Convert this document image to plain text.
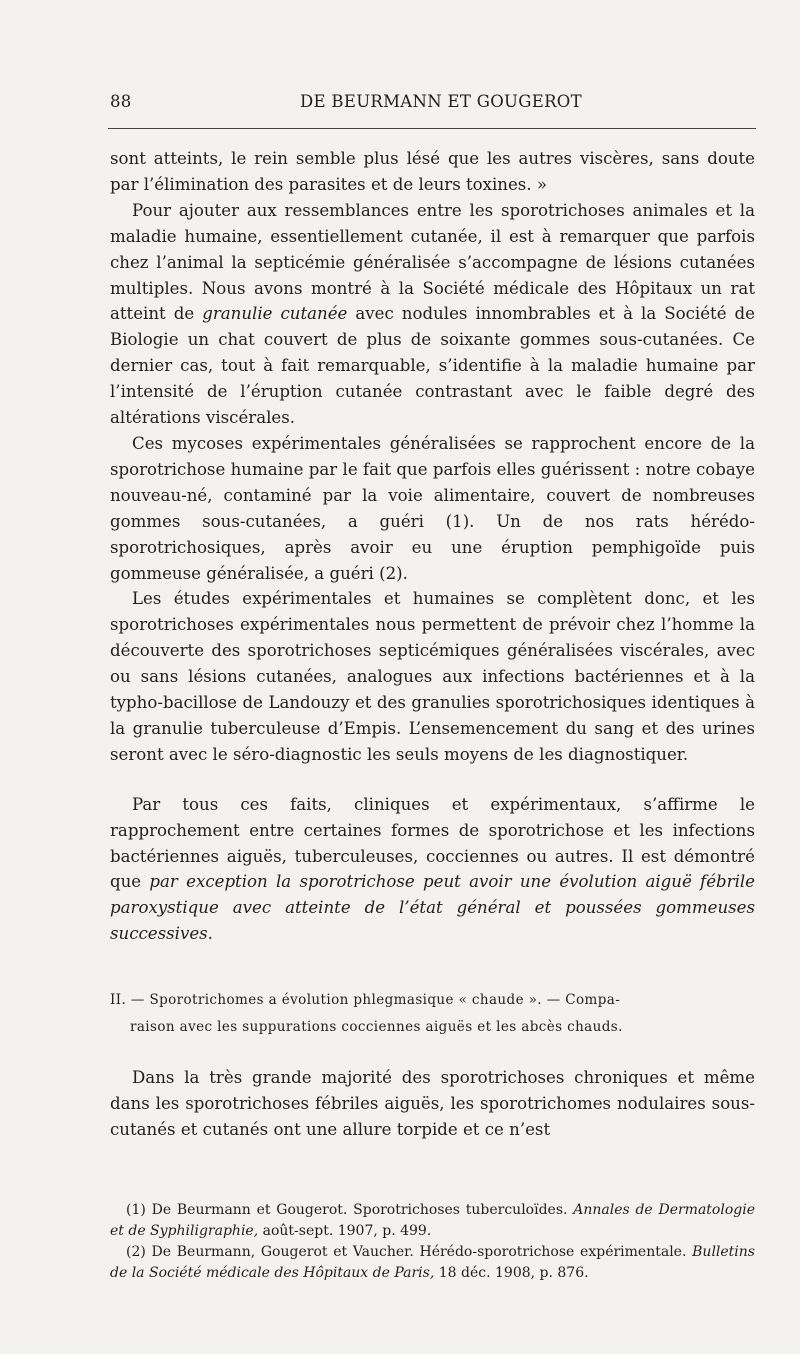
88	DE BEURMANN ET GOUGEROT

sont atteints, le rein semble plus lésé que les autres viscères, sans doute par l’élimination des parasites et de leurs toxines. »

Pour ajouter aux ressemblances entre les sporotrichoses animales et la maladie humaine, essentiellement cutanée, il est à remarquer que parfois chez l’animal la septicémie généralisée s’accompagne de lésions cutanées multiples. Nous avons montré à la Société médicale des Hôpitaux un rat atteint de granulie cutanée avec nodules innombrables et à la Société de Biologie un chat couvert de plus de soixante gommes sous-cutanées. Ce dernier cas, tout à fait remarquable, s’identifie à la maladie humaine par l’intensité de l’éruption cutanée contrastant avec le faible degré des altérations viscérales.

Ces mycoses expérimentales généralisées se rapprochent encore de la sporotrichose humaine par le fait que parfois elles guérissent : notre cobaye nouveau-né, contaminé par la voie alimentaire, couvert de nombreuses gommes sous-cutanées, a guéri (1). Un de nos rats hérédo-sporotrichosiques, après avoir eu une éruption pemphigoïde puis gommeuse généralisée, a guéri (2).

Les études expérimentales et humaines se complètent donc, et les sporotrichoses expérimentales nous permettent de prévoir chez l’homme la découverte des sporotrichoses septicémiques généralisées viscérales, avec ou sans lésions cutanées, analogues aux infections bactériennes et à la typho-bacillose de Landouzy et des granulies sporotrichosiques identiques à la granulie tuberculeuse d’Empis. L’ensemencement du sang et des urines seront avec le séro-diagnostic les seuls moyens de les diagnostiquer.

Par tous ces faits, cliniques et expérimentaux, s’affirme le rapprochement entre certaines formes de sporotrichose et les infections bactériennes aiguës, tuberculeuses, cocciennes ou autres. Il est démontré que par exception la sporotrichose peut avoir une évolution aiguë fébrile paroxystique avec atteinte de l’état général et poussées gommeuses successives.

II. — Sporotrichomes a évolution phlegmasique « chaude ». — Compa-
raison avec les suppurations cocciennes aiguës et les abcès chauds.

Dans la très grande majorité des sporotrichoses chroniques et même dans les sporotrichoses fébriles aiguës, les sporotrichomes nodulaires sous-cutanés et cutanés ont une allure torpide et ce n’est

(1) De Beurmann et Gougerot. Sporotrichoses tuberculoïdes. Annales de Dermatologie et de Syphiligraphie, août-sept. 1907, p. 499.

(2) De Beurmann, Gougerot et Vaucher. Hérédo-sporotrichose expérimentale. Bulletins de la Société médicale des Hôpitaux de Paris, 18 déc. 1908, p. 876.
